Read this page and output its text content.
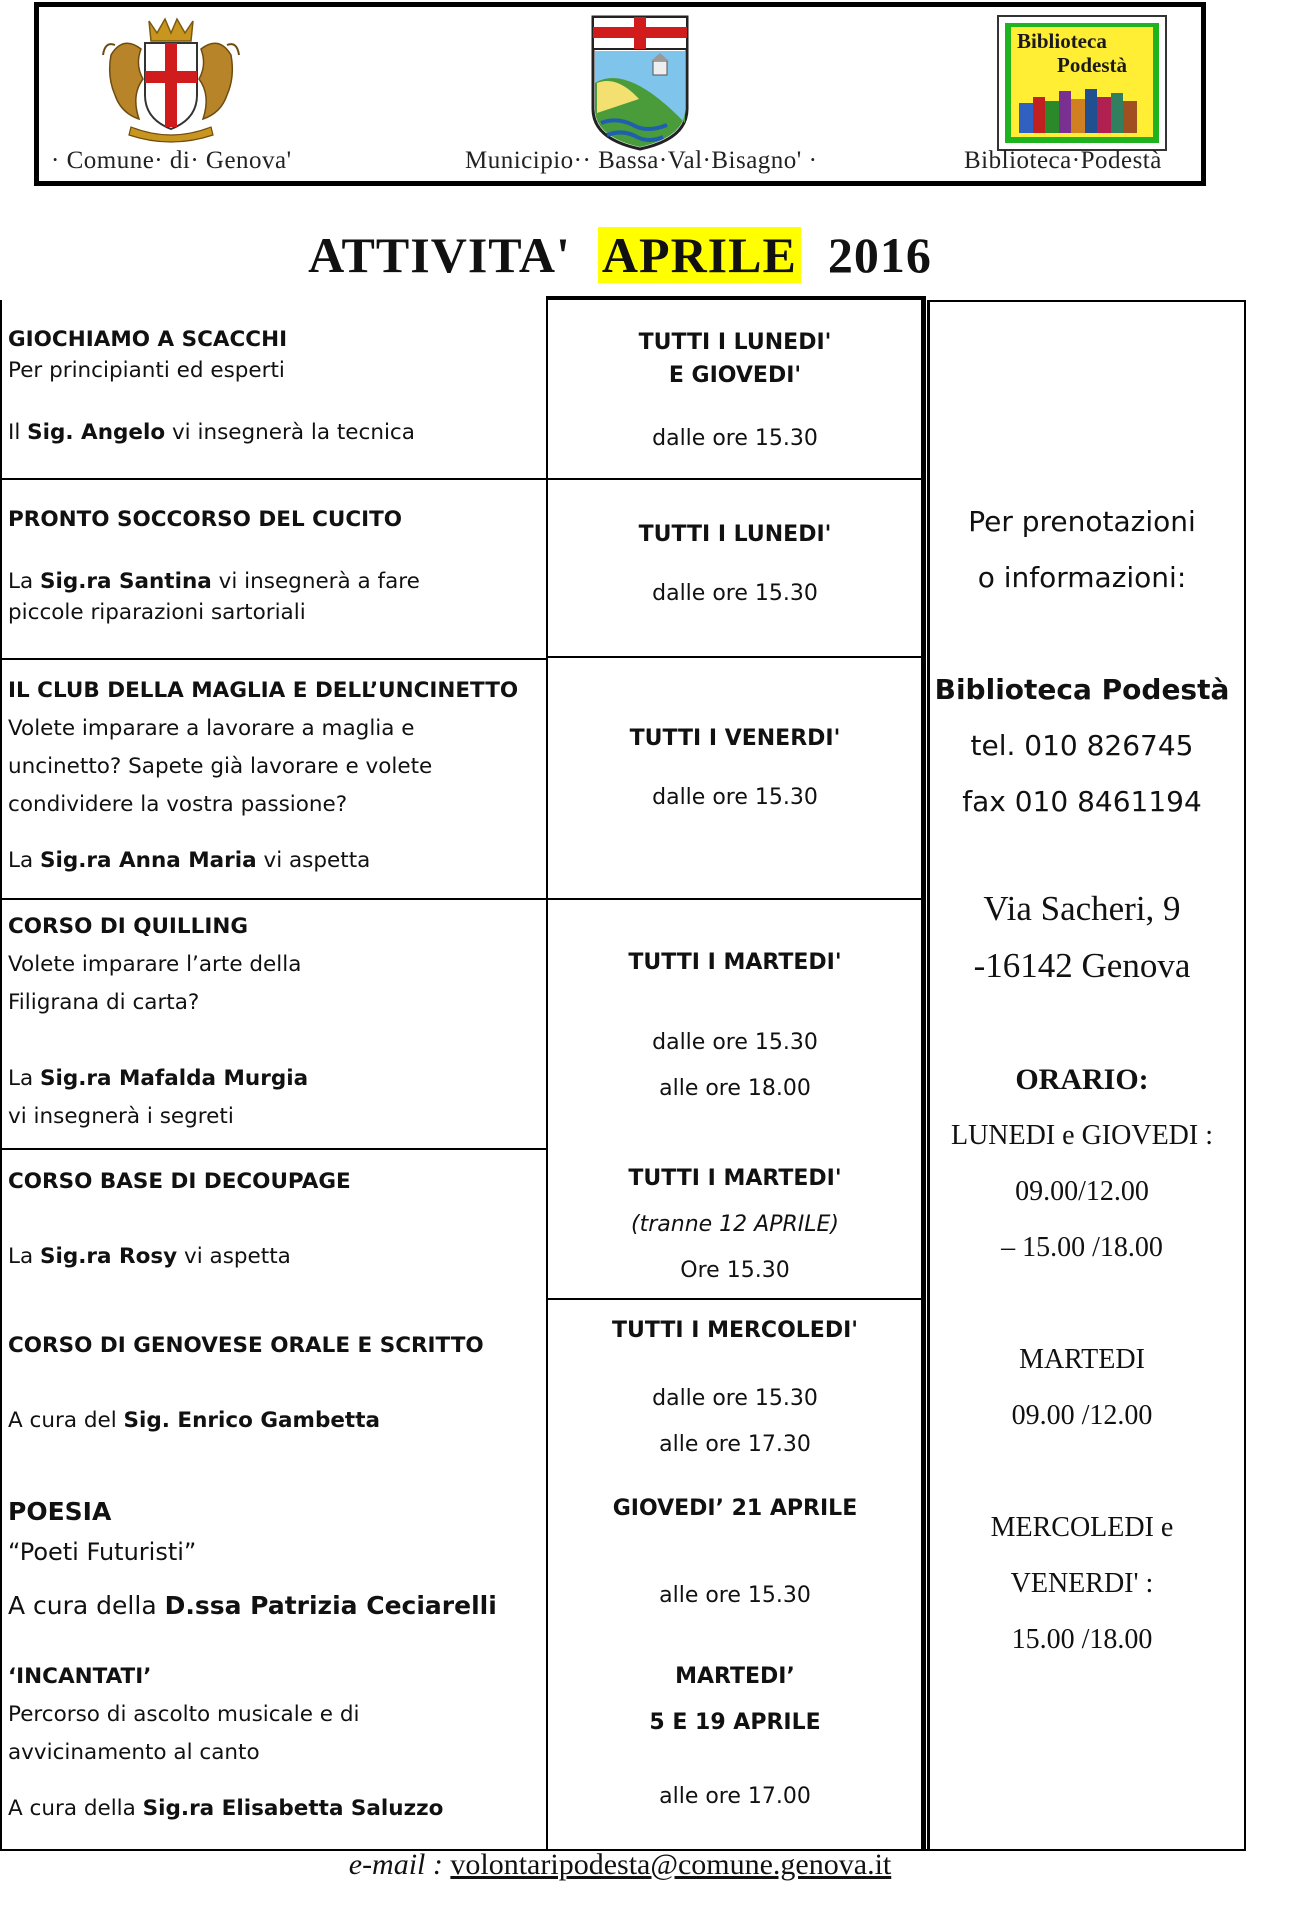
· Comune· di· Genova'	Municipio·· Bassa·Val·Bisagno' ·
Biblioteca
Podestà
Biblioteca·Podestà
ATTIVITA' APRILE 2016
GIOCHIAMO A SCACCHI
Per principianti ed esperti
Il Sig. Angelo vi insegnerà la tecnica
PRONTO SOCCORSO DEL CUCITO
La Sig.ra Santina vi insegnerà a fare
piccole riparazioni sartoriali
IL CLUB DELLA MAGLIA E DELL’UNCINETTO
Volete imparare a lavorare a maglia e
uncinetto? Sapete già lavorare e volete
condividere la vostra passione?
La Sig.ra Anna Maria vi aspetta
CORSO DI QUILLING
Volete imparare l’arte della
Filigrana di carta?
La Sig.ra Mafalda Murgia
vi insegnerà i segreti
CORSO BASE DI DECOUPAGE
La Sig.ra Rosy vi aspetta
CORSO DI GENOVESE ORALE E SCRITTO
A cura del Sig. Enrico Gambetta
POESIA
“Poeti Futuristi”
A cura della D.ssa Patrizia Ceciarelli
‘INCANTATI’
Percorso di ascolto musicale e di
avvicinamento al canto
A cura della Sig.ra Elisabetta Saluzzo
TUTTI I LUNEDI'
E GIOVEDI'
dalle ore 15.30
TUTTI I LUNEDI'
dalle ore 15.30
TUTTI I VENERDI'
dalle ore 15.30
TUTTI I MARTEDI'
dalle ore 15.30
alle ore 18.00
TUTTI I MARTEDI'
(tranne 12 APRILE)
Ore 15.30
TUTTI I MERCOLEDI'
dalle ore 15.30
alle ore 17.30
GIOVEDI’ 21 APRILE
alle ore 15.30
MARTEDI’
5 E 19 APRILE
alle ore 17.00
Per prenotazioni
o informazioni:
Biblioteca Podestà
tel. 010 826745
fax 010 8461194
Via Sacheri, 9
-16142 Genova
ORARIO:
LUNEDI e GIOVEDI :
09.00/12.00
– 15.00 /18.00
MARTEDI
09.00 /12.00
MERCOLEDI e
VENERDI' :
15.00 /18.00
e-mail : volontaripodesta@comune.genova.it
